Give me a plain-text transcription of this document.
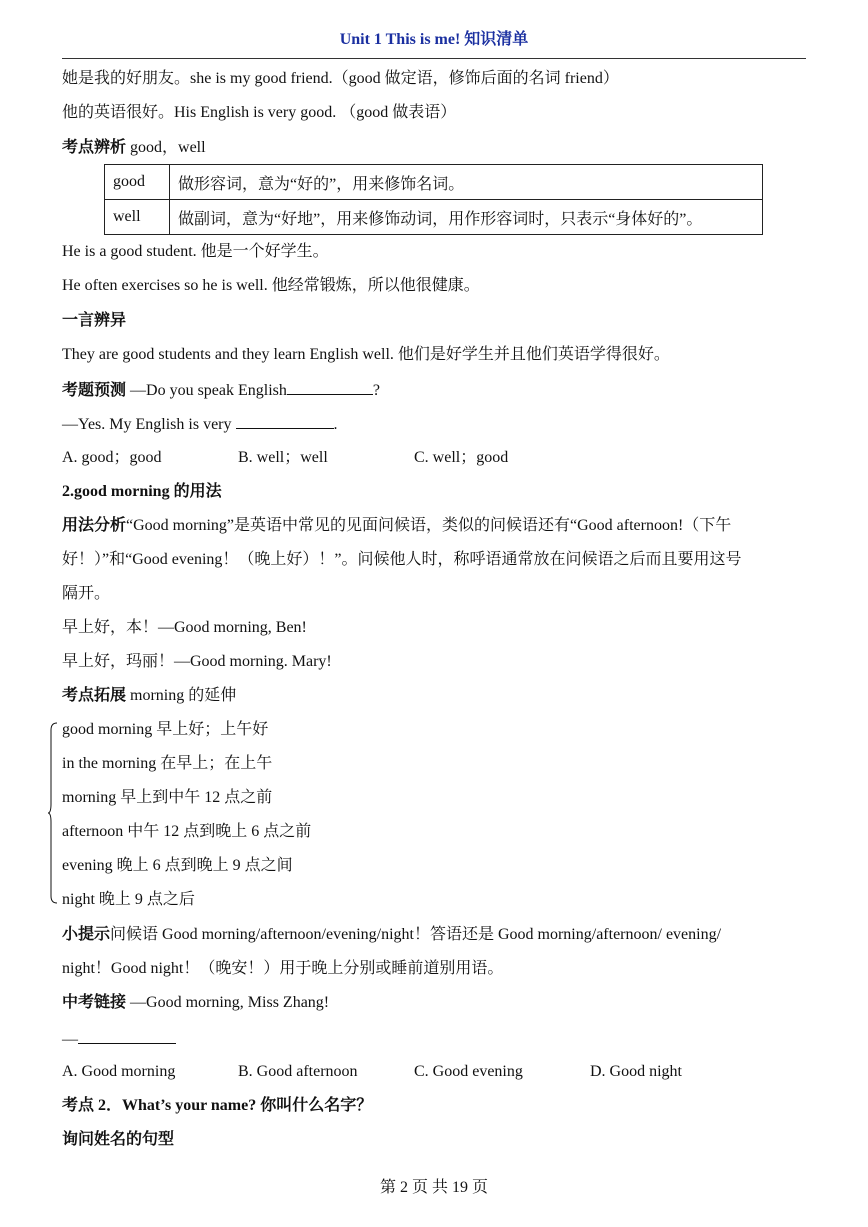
Unit 1 This is me! 知识清单
她是我的好朋友。she is my good friend.（good 做定语，修饰后面的名词 friend）
他的英语很好。His English is very good. （good 做表语）
考点辨析 good，well
good	做形容词，意为“好的”，用来修饰名词。
well	做副词，意为“好地”，用来修饰动词，用作形容词时，只表示“身体好的”。
He is a good student. 他是一个好学生。
He often exercises so he is well. 他经常锻炼，所以他很健康。
一言辨异
They are good students and they learn English well. 他们是好学生并且他们英语学得很好。
考题预测 —Do you speak English	?
—Yes. My English is very	.
A. good；good	B. well；well	C. well；good
2.good morning 的用法
用法分析“Good morning”是英语中常见的见面问候语，类似的问候语还有“Good afternoon!（下午
好！）”和“Good evening！（晚上好）！”。问候他人时，称呼语通常放在问候语之后而且要用这号
隔开。
早上好，本！—Good morning, Ben!
早上好，玛丽！—Good morning. Mary!
考点拓展 morning 的延伸
good morning 早上好；上午好
in the morning 在早上；在上午
morning 早上到中午 12 点之前
afternoon 中午 12 点到晚上 6 点之前
evening 晚上 6 点到晚上 9 点之间
night 晚上 9 点之后
小提示问候语 Good morning/afternoon/evening/night！答语还是 Good morning/afternoon/ evening/
night！Good night！（晚安！）用于晚上分别或睡前道别用语。
中考链接 —Good morning, Miss Zhang!
—
A. Good morning	B. Good afternoon	C. Good evening	D. Good night
考点 2．What’s your name? 你叫什么名字？
询问姓名的句型
第 2 页 共 19 页
